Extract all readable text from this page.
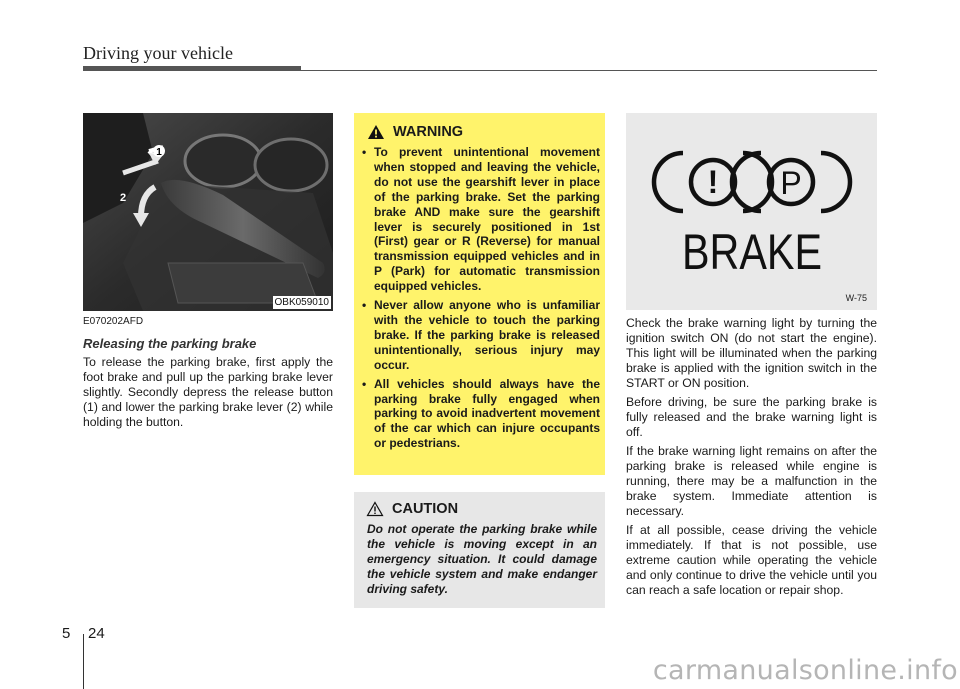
Driving your vehicle
1
2
OBK059010

E070202AFD

Releasing the parking brake

To release the parking brake, first apply the foot brake and pull up the parking brake lever slightly. Secondly depress the release button (1) and lower the parking brake lever (2) while holding the button.

WARNING
• To prevent unintentional movement when stopped and leaving the vehicle, do not use the gearshift lever in place of the parking brake. Set the parking brake AND make sure the gearshift lever is securely positioned in 1st (First) gear or R (Reverse) for manual transmission equipped vehicles and in P (Park) for automatic transmission equipped vehicles.
• Never allow anyone who is unfamiliar with the vehicle to touch the parking brake. If the parking brake is released unintentionally, serious injury may occur.
• All vehicles should always have the parking brake fully engaged when parking to avoid inadvertent movement of the car which can injure occupants or pedestrians.
CAUTION

Do not operate the parking brake while the vehicle is moving except in an emergency situation. It could damage the vehicle system and make endanger driving safety.

! P
BRAKE
W-75

Check the brake warning light by turning the ignition switch ON (do not start the engine). This light will be illuminated when the parking brake is applied with the ignition switch in the START or ON position.

Before driving, be sure the parking brake is fully released and the brake warning light is off.

If the brake warning light remains on after the parking brake is released while engine is running, there may be a malfunction in the brake system. Immediate attention is necessary.

If at all possible, cease driving the vehicle immediately. If that is not possible, use extreme caution while operating the vehicle and only continue to drive the vehicle until you can reach a safe location or repair shop.

5 24
carmanualsonline.info
